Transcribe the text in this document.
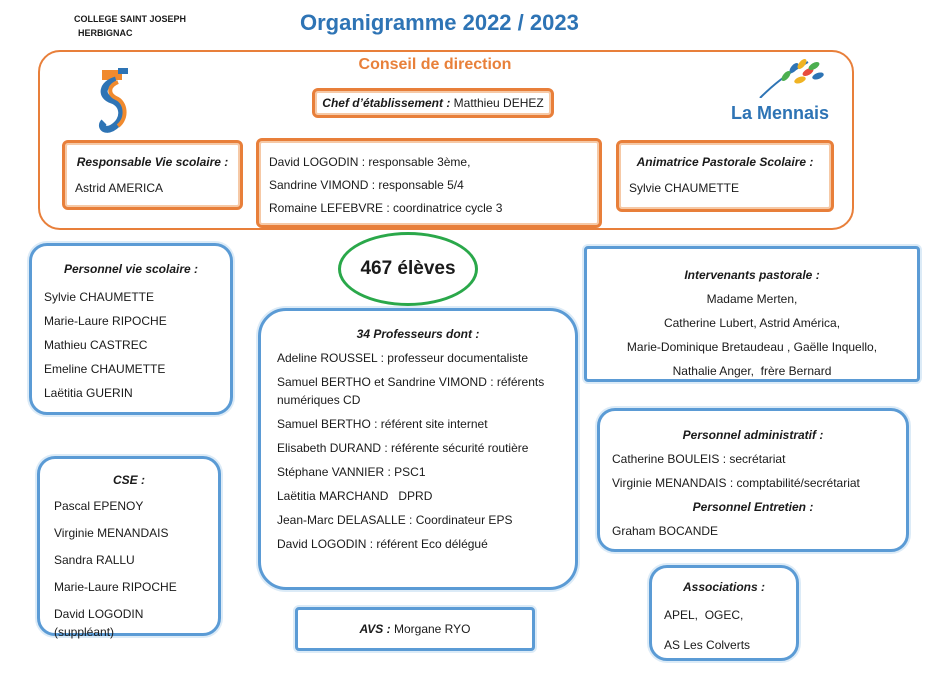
COLLEGE SAINT JOSEPH
HERBIGNAC	Organigramme 2022 / 2023
Conseil de direction
La Mennais
Chef d’établissement : Matthieu DEHEZ
Responsable Vie scolaire :
Astrid AMERICA
David LOGODIN : responsable 3ème,
Sandrine VIMOND : responsable 5/4
Romaine LEFEBVRE : coordinatrice cycle 3
Animatrice Pastorale Scolaire :
Sylvie CHAUMETTE
467 élèves
Personnel vie scolaire :
Sylvie CHAUMETTE
Marie-Laure RIPOCHE
Mathieu CASTREC
Emeline CHAUMETTE
Laëtitia GUERIN
CSE :
Pascal EPENOY
Virginie MENANDAIS
Sandra RALLU
Marie-Laure RIPOCHE
David LOGODIN (suppléant)
34 Professeurs dont :
Adeline ROUSSEL : professeur documentaliste
Samuel BERTHO et Sandrine VIMOND : référents numériques CD
Samuel BERTHO : référent site internet
Elisabeth DURAND : référente sécurité routière
Stéphane VANNIER : PSC1
Laëtitia MARCHAND   DPRD
Jean-Marc DELASALLE : Coordinateur EPS
David LOGODIN : référent Eco délégué
AVS : Morgane RYO
Intervenants pastorale :
Madame Merten,
Catherine Lubert, Astrid América,
Marie-Dominique Bretaudeau , Gaëlle Inquello,
Nathalie Anger,  frère Bernard
Personnel administratif :
Catherine BOULEIS : secrétariat
Virginie MENANDAIS : comptabilité/secrétariat
Personnel Entretien :
Graham BOCANDE
Associations :
APEL,  OGEC,
AS Les Colverts
